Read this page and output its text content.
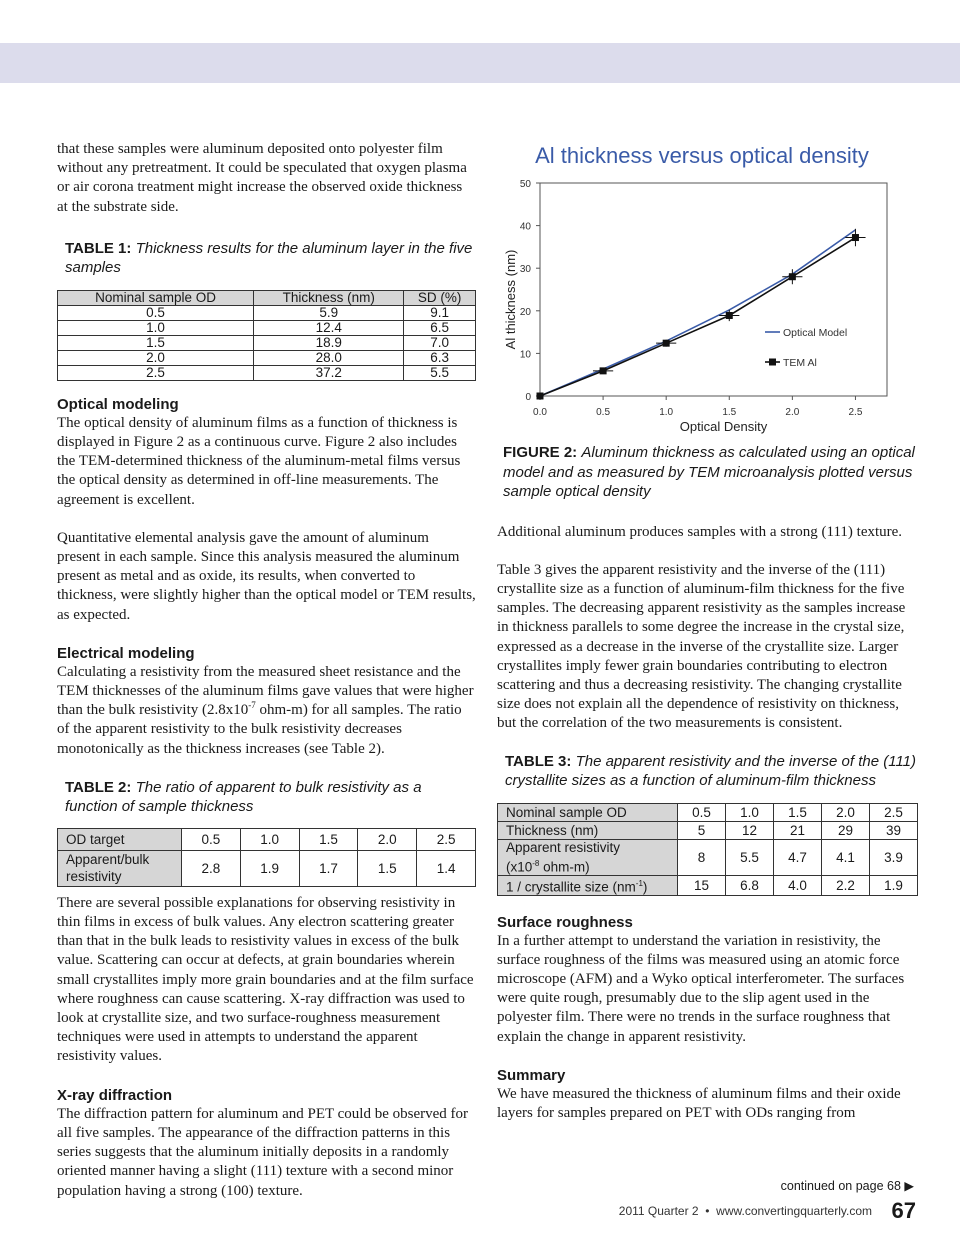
that these samples were aluminum deposited onto polyester film without any pretreatment. It could be speculated that oxygen plasma or air corona treatment might increase the observed oxide thickness at the substrate side.

TABLE 1: Thickness results for the aluminum layer in the five samples
Nominal sample OD	Thickness (nm)	SD (%)
0.5	5.9	9.1
1.0	12.4	6.5
1.5	18.9	7.0
2.0	28.0	6.3
2.5	37.2	5.5
Optical modeling

The optical density of aluminum films as a function of thickness is displayed in Figure 2 as a continuous curve. Figure 2 also includes the TEM-determined thickness of the aluminum-metal films versus the optical density as determined in off-line measurements. The agreement is excellent.

Quantitative elemental analysis gave the amount of aluminum present in each sample. Since this analysis measured the aluminum present as metal and as oxide, its results, when converted to thickness, were slightly higher than the optical model or TEM results, as expected.

Electrical modeling

Calculating a resistivity from the measured sheet resistance and the TEM thicknesses of the aluminum films gave values that were higher than the bulk resistivity ($2.8x10^{-7}$ ohm-m) for all samples. The ratio of the apparent resistivity to the bulk resistivity decreases monotonically as the thickness increases (see Table 2).

TABLE 2: The ratio of apparent to bulk resistivity as a function of sample thickness
OD target	0.5	1.0	1.5	2.0	2.5
Apparent/bulk resistivity	2.8	1.9	1.7	1.5	1.4

There are several possible explanations for observing resistivity in thin films in excess of bulk values. Any electron scattering greater than that in the bulk leads to resistivity values in excess of the bulk value. Scattering can occur at defects, at grain boundaries wherein small crystallites imply more grain boundaries and at the film surface where roughness can cause scattering. X-ray diffraction was used to look at crystallite size, and two surface-roughness measurement techniques were used in attempts to understand the apparent resistivity values.

X-ray diffraction

The diffraction pattern for aluminum and PET could be observed for all five samples. The appearance of the diffraction patterns in this series suggests that the aluminum initially deposits in a randomly oriented manner having a slight (111) texture with a second minor population having a strong (100) texture.

Al thickness versus optical density
0
10
20
30
40
50
0.0	0.5	1.0	1.5	2.0	2.5
Optical Density
Al thickness (nm)	Optical Model
TEM Al
FIGURE 2: Aluminum thickness as calculated using an optical model and as measured by TEM microanalysis plotted versus sample optical density

Additional aluminum produces samples with a strong (111) texture.

Table 3 gives the apparent resistivity and the inverse of the (111) crystallite size as a function of aluminum-film thickness for the five samples. The decreasing apparent resistivity as the samples increase in thickness parallels to some degree the increase in the crystal size, expressed as a decrease in the inverse of the crystallite size. Larger crystallites imply fewer grain boundaries contributing to electron scattering and thus a decreasing resistivity. The changing crystallite size does not explain all the dependence of resistivity on thickness, but the correlation of the two measurements is consistent.

TABLE 3: The apparent resistivity and the inverse of the (111) crystallite sizes as a function of aluminum-film thickness
Nominal sample OD	0.5	1.0	1.5	2.0	2.5
Thickness (nm)	5	12	21	29	39
Apparent resistivity
($x10^{-8}$ ohm-m)	8	5.5	4.7	4.1	3.9
1 / crystallite size $(nm^{-1})$	15	6.8	4.0	2.2	1.9
Surface roughness

In a further attempt to understand the variation in resistivity, the surface roughness of the films was measured using an atomic force microscope (AFM) and a Wyko optical interferometer. The surfaces were quite rough, presumably due to the slip agent used in the polyester film. There were no trends in the surface roughness that explain the change in apparent resistivity.

Summary

We have measured the thickness of aluminum films and their oxide layers for samples prepared on PET with ODs ranging from

continued on page 68 ▶
2011 Quarter 2 • www.convertingquarterly.com 67
